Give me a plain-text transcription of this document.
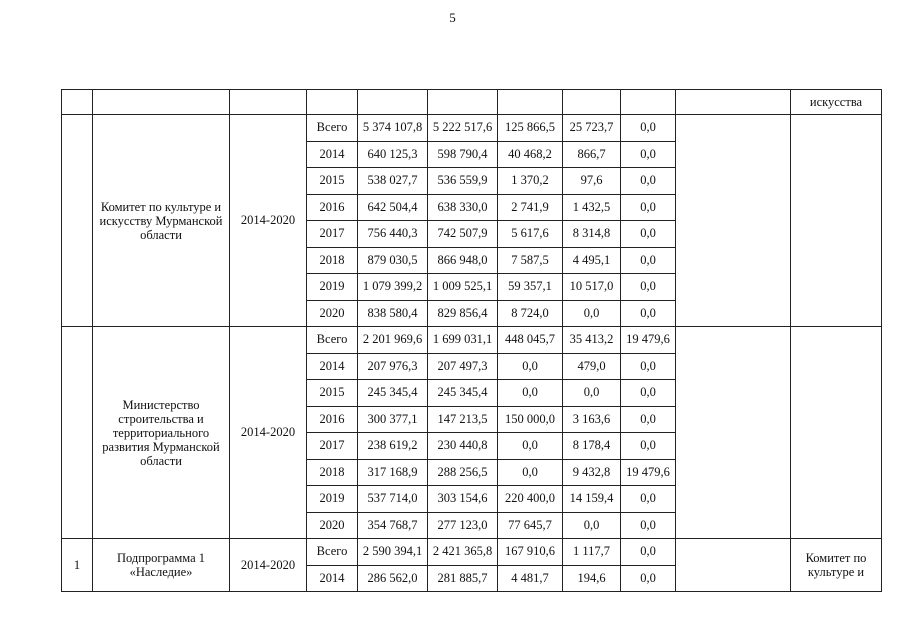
5
										искусства
	Комитет по культуре и искусству Мурманской области	2014-2020	Всего	5 374 107,8	5 222 517,6	125 866,5	25 723,7	0,0		
			2014	640 125,3	598 790,4	40 468,2	866,7	0,0		
			2015	538 027,7	536 559,9	1 370,2	97,6	0,0		
			2016	642 504,4	638 330,0	2 741,9	1 432,5	0,0		
			2017	756 440,3	742 507,9	5 617,6	8 314,8	0,0		
			2018	879 030,5	866 948,0	7 587,5	4 495,1	0,0		
			2019	1 079 399,2	1 009 525,1	59 357,1	10 517,0	0,0		
			2020	838 580,4	829 856,4	8 724,0	0,0	0,0		
	Министерство строительства и территориального развития Мурманской области	2014-2020	Всего	2 201 969,6	1 699 031,1	448 045,7	35 413,2	19 479,6		
			2014	207 976,3	207 497,3	0,0	479,0	0,0		
			2015	245 345,4	245 345,4	0,0	0,0	0,0		
			2016	300 377,1	147 213,5	150 000,0	3 163,6	0,0		
			2017	238 619,2	230 440,8	0,0	8 178,4	0,0		
			2018	317 168,9	288 256,5	0,0	9 432,8	19 479,6		
			2019	537 714,0	303 154,6	220 400,0	14 159,4	0,0		
			2020	354 768,7	277 123,0	77 645,7	0,0	0,0		
1	Подпрограмма 1 «Наследие»	2014-2020	Всего	2 590 394,1	2 421 365,8	167 910,6	1 117,7	0,0		Комитет по культуре и
			2014	286 562,0	281 885,7	4 481,7	194,6	0,0		
